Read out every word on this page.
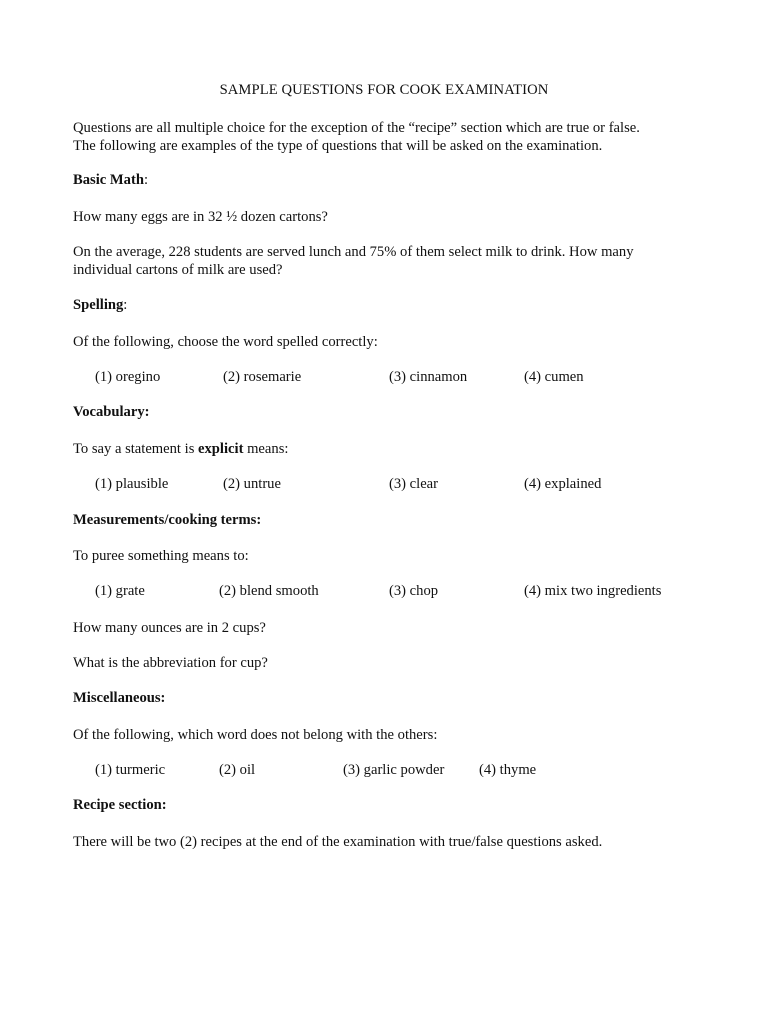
SAMPLE QUESTIONS FOR COOK EXAMINATION
Questions are all multiple choice for the exception of the “recipe” section which are true or false.
The following are examples of the type of questions that will be asked on the examination.
Basic Math:
How many eggs are in 32 ½ dozen cartons?
On the average, 228 students are served lunch and 75% of them select milk to drink. How many
individual cartons of milk are used?
Spelling:
Of the following, choose the word spelled correctly:
(1) oregino	(2) rosemarie	(3) cinnamon	(4) cumen
Vocabulary:
To say a statement is explicit means:
(1) plausible	(2) untrue	(3) clear	(4) explained
Measurements/cooking terms:
To puree something means to:
(1) grate	(2) blend smooth	(3) chop	(4) mix two ingredients
How many ounces are in 2 cups?
What is the abbreviation for cup?
Miscellaneous:
Of the following, which word does not belong with the others:
(1) turmeric	(2) oil	(3) garlic powder (4) thyme
Recipe section:
There will be two (2) recipes at the end of the examination with true/false questions asked.
